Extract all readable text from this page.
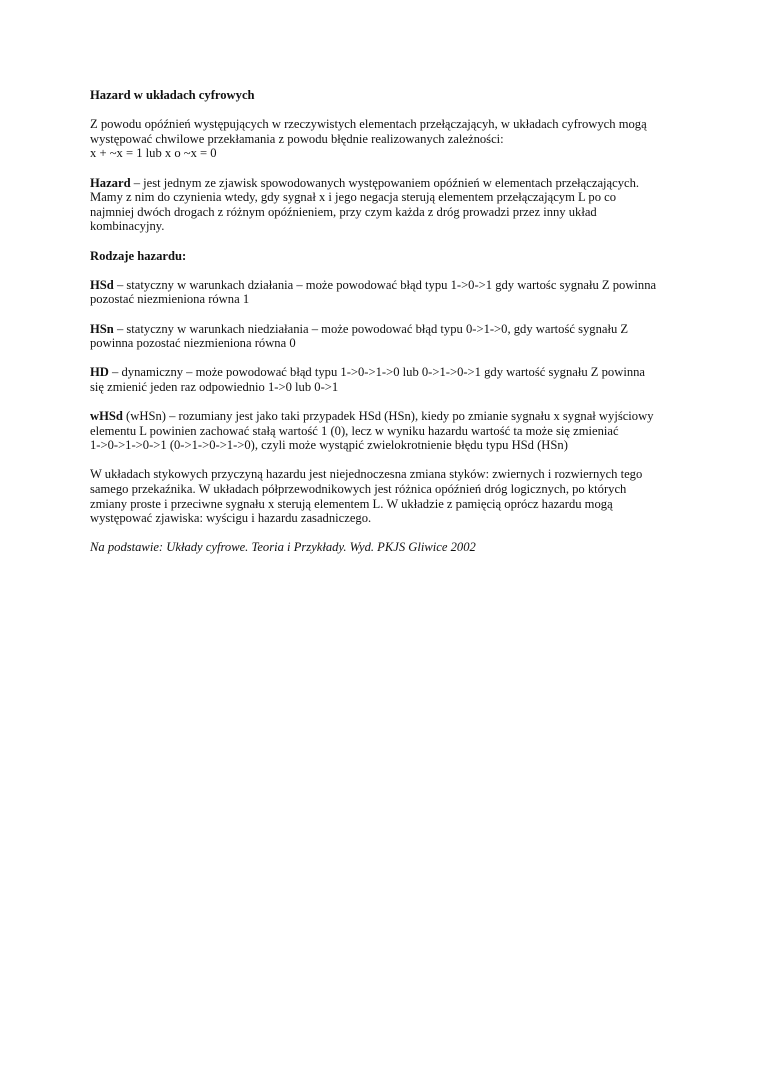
Hazard w układach cyfrowych

Z powodu opóźnień występujących w rzeczywistych elementach przełączającyh, w układach cyfrowych mogą
występować chwilowe przekłamania z powodu błędnie realizowanych zależności:
x + ~x = 1 lub x o ~x = 0

Hazard – jest jednym ze zjawisk spowodowanych występowaniem opóźnień w elementach przełączających.
Mamy z nim do czynienia wtedy, gdy sygnał x i jego negacja sterują elementem przełączającym L po co
najmniej dwóch drogach z różnym opóźnieniem, przy czym każda z dróg prowadzi przez inny układ
kombinacyjny.

Rodzaje hazardu:

HSd – statyczny w warunkach działania – może powodować błąd typu 1->0->1 gdy wartośc sygnału Z powinna
pozostać niezmieniona równa 1

HSn – statyczny w warunkach niedziałania – może powodować błąd typu 0->1->0, gdy wartość sygnału Z
powinna pozostać niezmieniona równa 0

HD – dynamiczny – może powodować błąd typu 1->0->1->0 lub 0->1->0->1 gdy wartość sygnału Z powinna
się zmienić jeden raz odpowiednio 1->0 lub 0->1

wHSd (wHSn) – rozumiany jest jako taki przypadek HSd (HSn), kiedy po zmianie sygnału x sygnał wyjściowy
elementu L powinien zachować stałą wartość 1 (0), lecz w wyniku hazardu wartość ta może się zmieniać
1->0->1->0->1 (0->1->0->1->0), czyli może wystąpić zwielokrotnienie błędu typu HSd (HSn)

W układach stykowych przyczyną hazardu jest niejednoczesna zmiana styków: zwiernych i rozwiernych tego
samego przekaźnika. W układach półprzewodnikowych jest różnica opóźnień dróg logicznych, po których
zmiany proste i przeciwne sygnału x sterują elementem L. W układzie z pamięcią oprócz hazardu mogą
występować zjawiska: wyścigu i hazardu zasadniczego.

Na podstawie: Układy cyfrowe. Teoria i Przykłady. Wyd. PKJS Gliwice 2002
